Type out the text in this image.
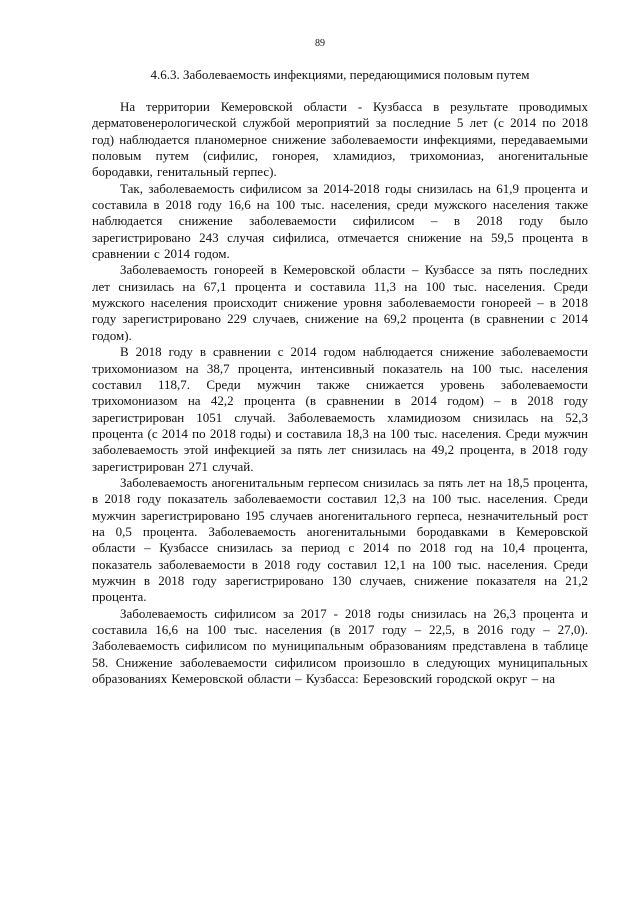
89
4.6.3. Заболеваемость инфекциями, передающимися половым путем

На территории Кемеровской области - Кузбасса в результате проводимых дерматовенерологической службой мероприятий за последние 5 лет (с 2014 по 2018 год) наблюдается планомерное снижение заболеваемости инфекциями, передаваемыми половым путем (сифилис, гонорея, хламидиоз, трихомониаз, аногенитальные бородавки, генитальный герпес).

Так, заболеваемость сифилисом за 2014-2018 годы снизилась на 61,9 процента и составила в 2018 году 16,6 на 100 тыс. населения, среди мужского населения также наблюдается снижение заболеваемости сифилисом – в 2018 году было зарегистрировано 243 случая сифилиса, отмечается снижение на 59,5 процента в сравнении с 2014 годом.

Заболеваемость гонореей в Кемеровской области – Кузбассе за пять последних лет снизилась на 67,1 процента и составила 11,3 на 100 тыс. населения. Среди мужского населения происходит снижение уровня заболеваемости гонореей – в 2018 году зарегистрировано 229 случаев, снижение на 69,2 процента (в сравнении с 2014 годом).

В 2018 году в сравнении с 2014 годом наблюдается снижение заболеваемости трихомониазом на 38,7 процента, интенсивный показатель на 100 тыс. населения составил 118,7. Среди мужчин также снижается уровень заболеваемости трихомониазом на 42,2 процента (в сравнении в 2014 годом) – в 2018 году зарегистрирован 1051 случай. Заболеваемость хламидиозом снизилась на 52,3 процента (с 2014 по 2018 годы) и составила 18,3 на 100 тыс. населения. Среди мужчин заболеваемость этой инфекцией за пять лет снизилась на 49,2 процента, в 2018 году зарегистрирован 271 случай.

Заболеваемость аногенитальным герпесом снизилась за пять лет на 18,5 процента, в 2018 году показатель заболеваемости составил 12,3 на 100 тыс. населения. Среди мужчин зарегистрировано 195 случаев аногенитального герпеса, незначительный рост на 0,5 процента. Заболеваемость аногенитальными бородавками в Кемеровской области – Кузбассе снизилась за период с 2014 по 2018 год на 10,4 процента, показатель заболеваемости в 2018 году составил 12,1 на 100 тыс. населения. Среди мужчин в 2018 году зарегистрировано 130 случаев, снижение показателя на 21,2 процента.

Заболеваемость сифилисом за 2017 - 2018 годы снизилась на 26,3 процента и составила 16,6 на 100 тыс. населения (в 2017 году – 22,5, в 2016 году – 27,0). Заболеваемость сифилисом по муниципальным образованиям представлена в таблице 58. Снижение заболеваемости сифилисом произошло в следующих муниципальных образованиях Кемеровской области – Кузбасса: Березовский городской округ – на
